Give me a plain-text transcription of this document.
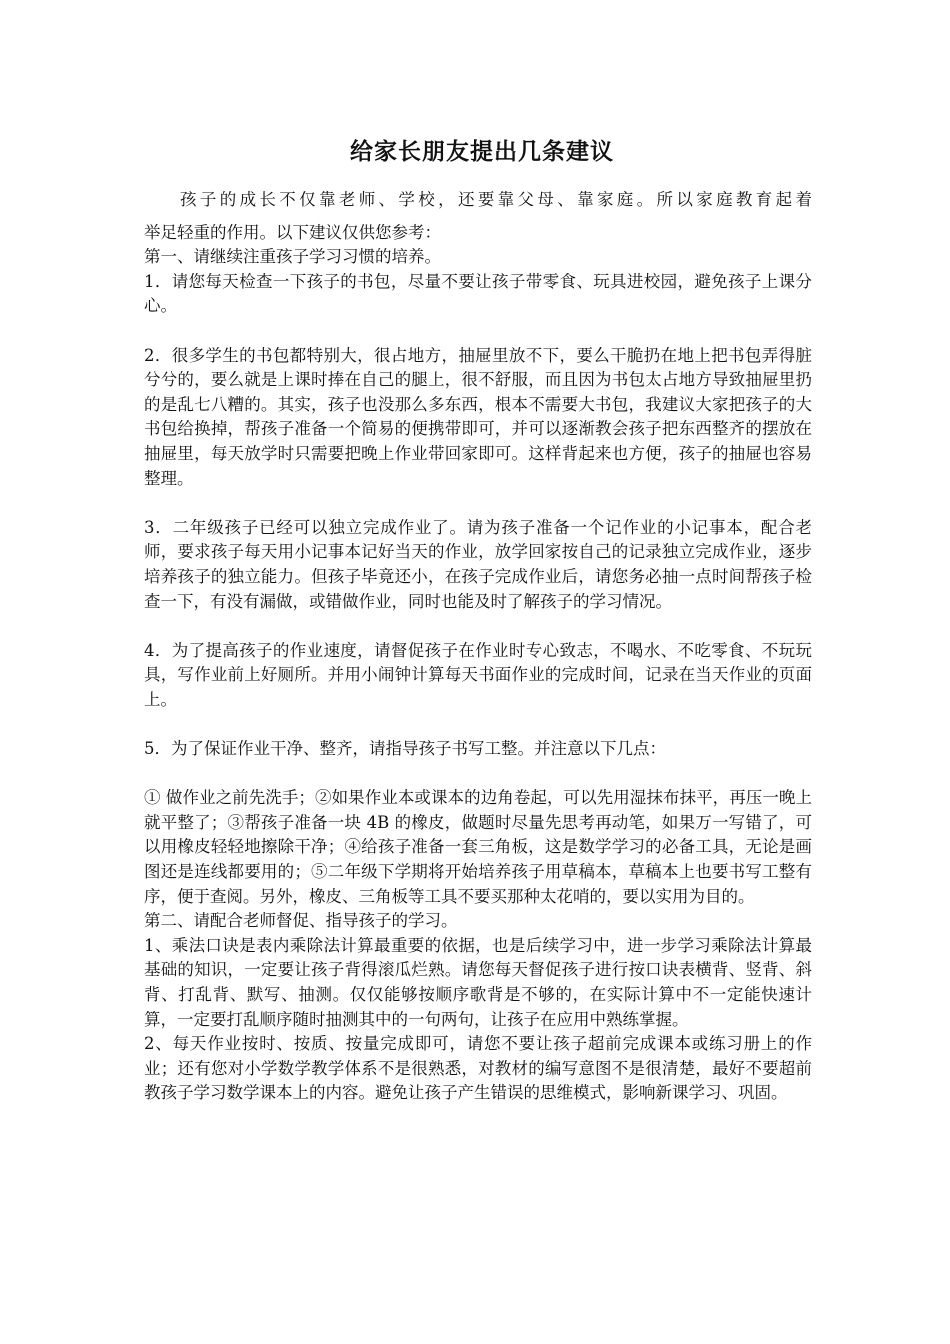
给家长朋友提出几条建议

孩子的成长不仅靠老师、学校，还要靠父母、靠家庭。所以家庭教育起着

举足轻重的作用。以下建议仅供您参考：

第一、请继续注重孩子学习习惯的培养。

1．请您每天检查一下孩子的书包，尽量不要让孩子带零食、玩具进校园，避免孩子上课分心。

2．很多学生的书包都特别大，很占地方，抽屉里放不下，要么干脆扔在地上把书包弄得脏兮兮的，要么就是上课时捧在自己的腿上，很不舒服，而且因为书包太占地方导致抽屉里扔的是乱七八糟的。其实，孩子也没那么多东西，根本不需要大书包，我建议大家把孩子的大书包给换掉，帮孩子准备一个简易的便携带即可，并可以逐渐教会孩子把东西整齐的摆放在抽屉里，每天放学时只需要把晚上作业带回家即可。这样背起来也方便，孩子的抽屉也容易整理。

3．二年级孩子已经可以独立完成作业了。请为孩子准备一个记作业的小记事本，配合老师，要求孩子每天用小记事本记好当天的作业，放学回家按自己的记录独立完成作业，逐步培养孩子的独立能力。但孩子毕竟还小，在孩子完成作业后，请您务必抽一点时间帮孩子检查一下，有没有漏做，或错做作业，同时也能及时了解孩子的学习情况。

4．为了提高孩子的作业速度，请督促孩子在作业时专心致志，不喝水、不吃零食、不玩玩具，写作业前上好厕所。并用小闹钟计算每天书面作业的完成时间，记录在当天作业的页面上。

5．为了保证作业干净、整齐，请指导孩子书写工整。并注意以下几点：

① 做作业之前先洗手；②如果作业本或课本的边角卷起，可以先用湿抹布抹平，再压一晚上就平整了；③帮孩子准备一块 4B 的橡皮，做题时尽量先思考再动笔，如果万一写错了，可以用橡皮轻轻地擦除干净；④给孩子准备一套三角板，这是数学学习的必备工具，无论是画图还是连线都要用的；⑤二年级下学期将开始培养孩子用草稿本，草稿本上也要书写工整有序，便于查阅。另外，橡皮、三角板等工具不要买那种太花哨的，要以实用为目的。

第二、请配合老师督促、指导孩子的学习。

1、乘法口诀是表内乘除法计算最重要的依据，也是后续学习中，进一步学习乘除法计算最基础的知识，一定要让孩子背得滚瓜烂熟。请您每天督促孩子进行按口诀表横背、竖背、斜背、打乱背、默写、抽测。仅仅能够按顺序歌背是不够的，在实际计算中不一定能快速计算，一定要打乱顺序随时抽测其中的一句两句，让孩子在应用中熟练掌握。

2、每天作业按时、按质、按量完成即可，请您不要让孩子超前完成课本或练习册上的作业；还有您对小学数学教学体系不是很熟悉，对教材的编写意图不是很清楚，最好不要超前教孩子学习数学课本上的内容。避免让孩子产生错误的思维模式，影响新课学习、巩固。
